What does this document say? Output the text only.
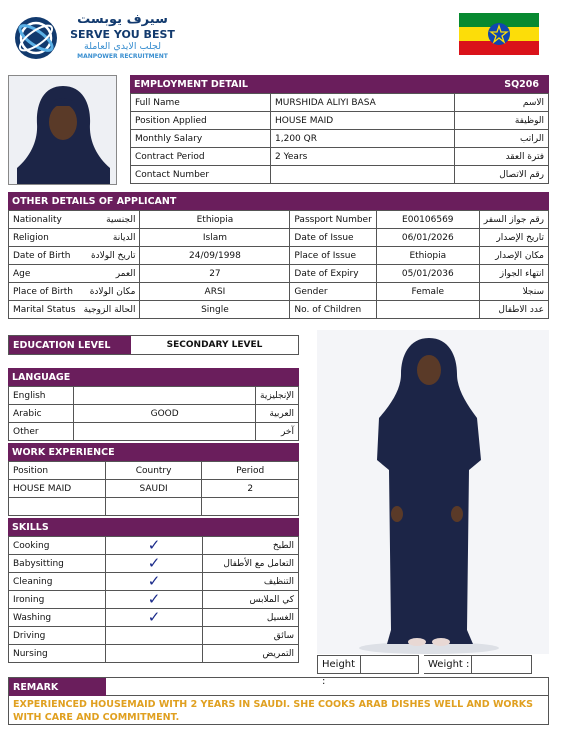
سيرف يوبست
SERVE YOU BEST
لجلب الايدي العاملة
MANPOWER RECRUITMENT
EMPLOYMENT DETAIL	SQ206
Full Name	MURSHIDA ALIYI BASA	الاسم
Position Applied	HOUSE MAID	الوظيفة
Monthly Salary	1,200 QR	الراتب
Contract Period	2 Years	فترة العقد
Contact Number		رقم الاتصال
OTHER DETAILS OF APPLICANT
Nationality	الجنسية	Ethiopia	Passport Number	E00106569	رقم جواز السفر
Religion	الديانة	Islam	Date of Issue	06/01/2026	تاريخ الإصدار
Date of Birth	تاريخ الولادة	24/09/1998	Place of Issue	Ethiopia	مكان الإصدار
Age	العمر	27	Date of Expiry	05/01/2036	انتهاء الجواز
Place of Birth	مكان الولادة	ARSI	Gender	Female	سنجلا
Marital Status	الحالة الزوجية	Single	No. of Children		عدد الاطفال
EDUCATION LEVEL	SECONDARY LEVEL
LANGUAGE
English		الإنجليزية
Arabic	GOOD	العربية
Other		آخر
WORK EXPERIENCE
Position	Country	Period
HOUSE MAID	SAUDI	2

SKILLS
Cooking	✓	الطبخ
Babysitting	✓	التعامل مع الأطفال
Cleaning	✓	التنظيف
Ironing	✓	كي الملابس
Washing	✓	الغسيل
Driving		سائق
Nursing		التمريض
Height :
Weight :
REMARK
EXPERIENCED HOUSEMAID WITH 2 YEARS IN SAUDI. SHE COOKS ARAB DISHES WELL AND WORKS WITH CARE AND COMMITMENT.
